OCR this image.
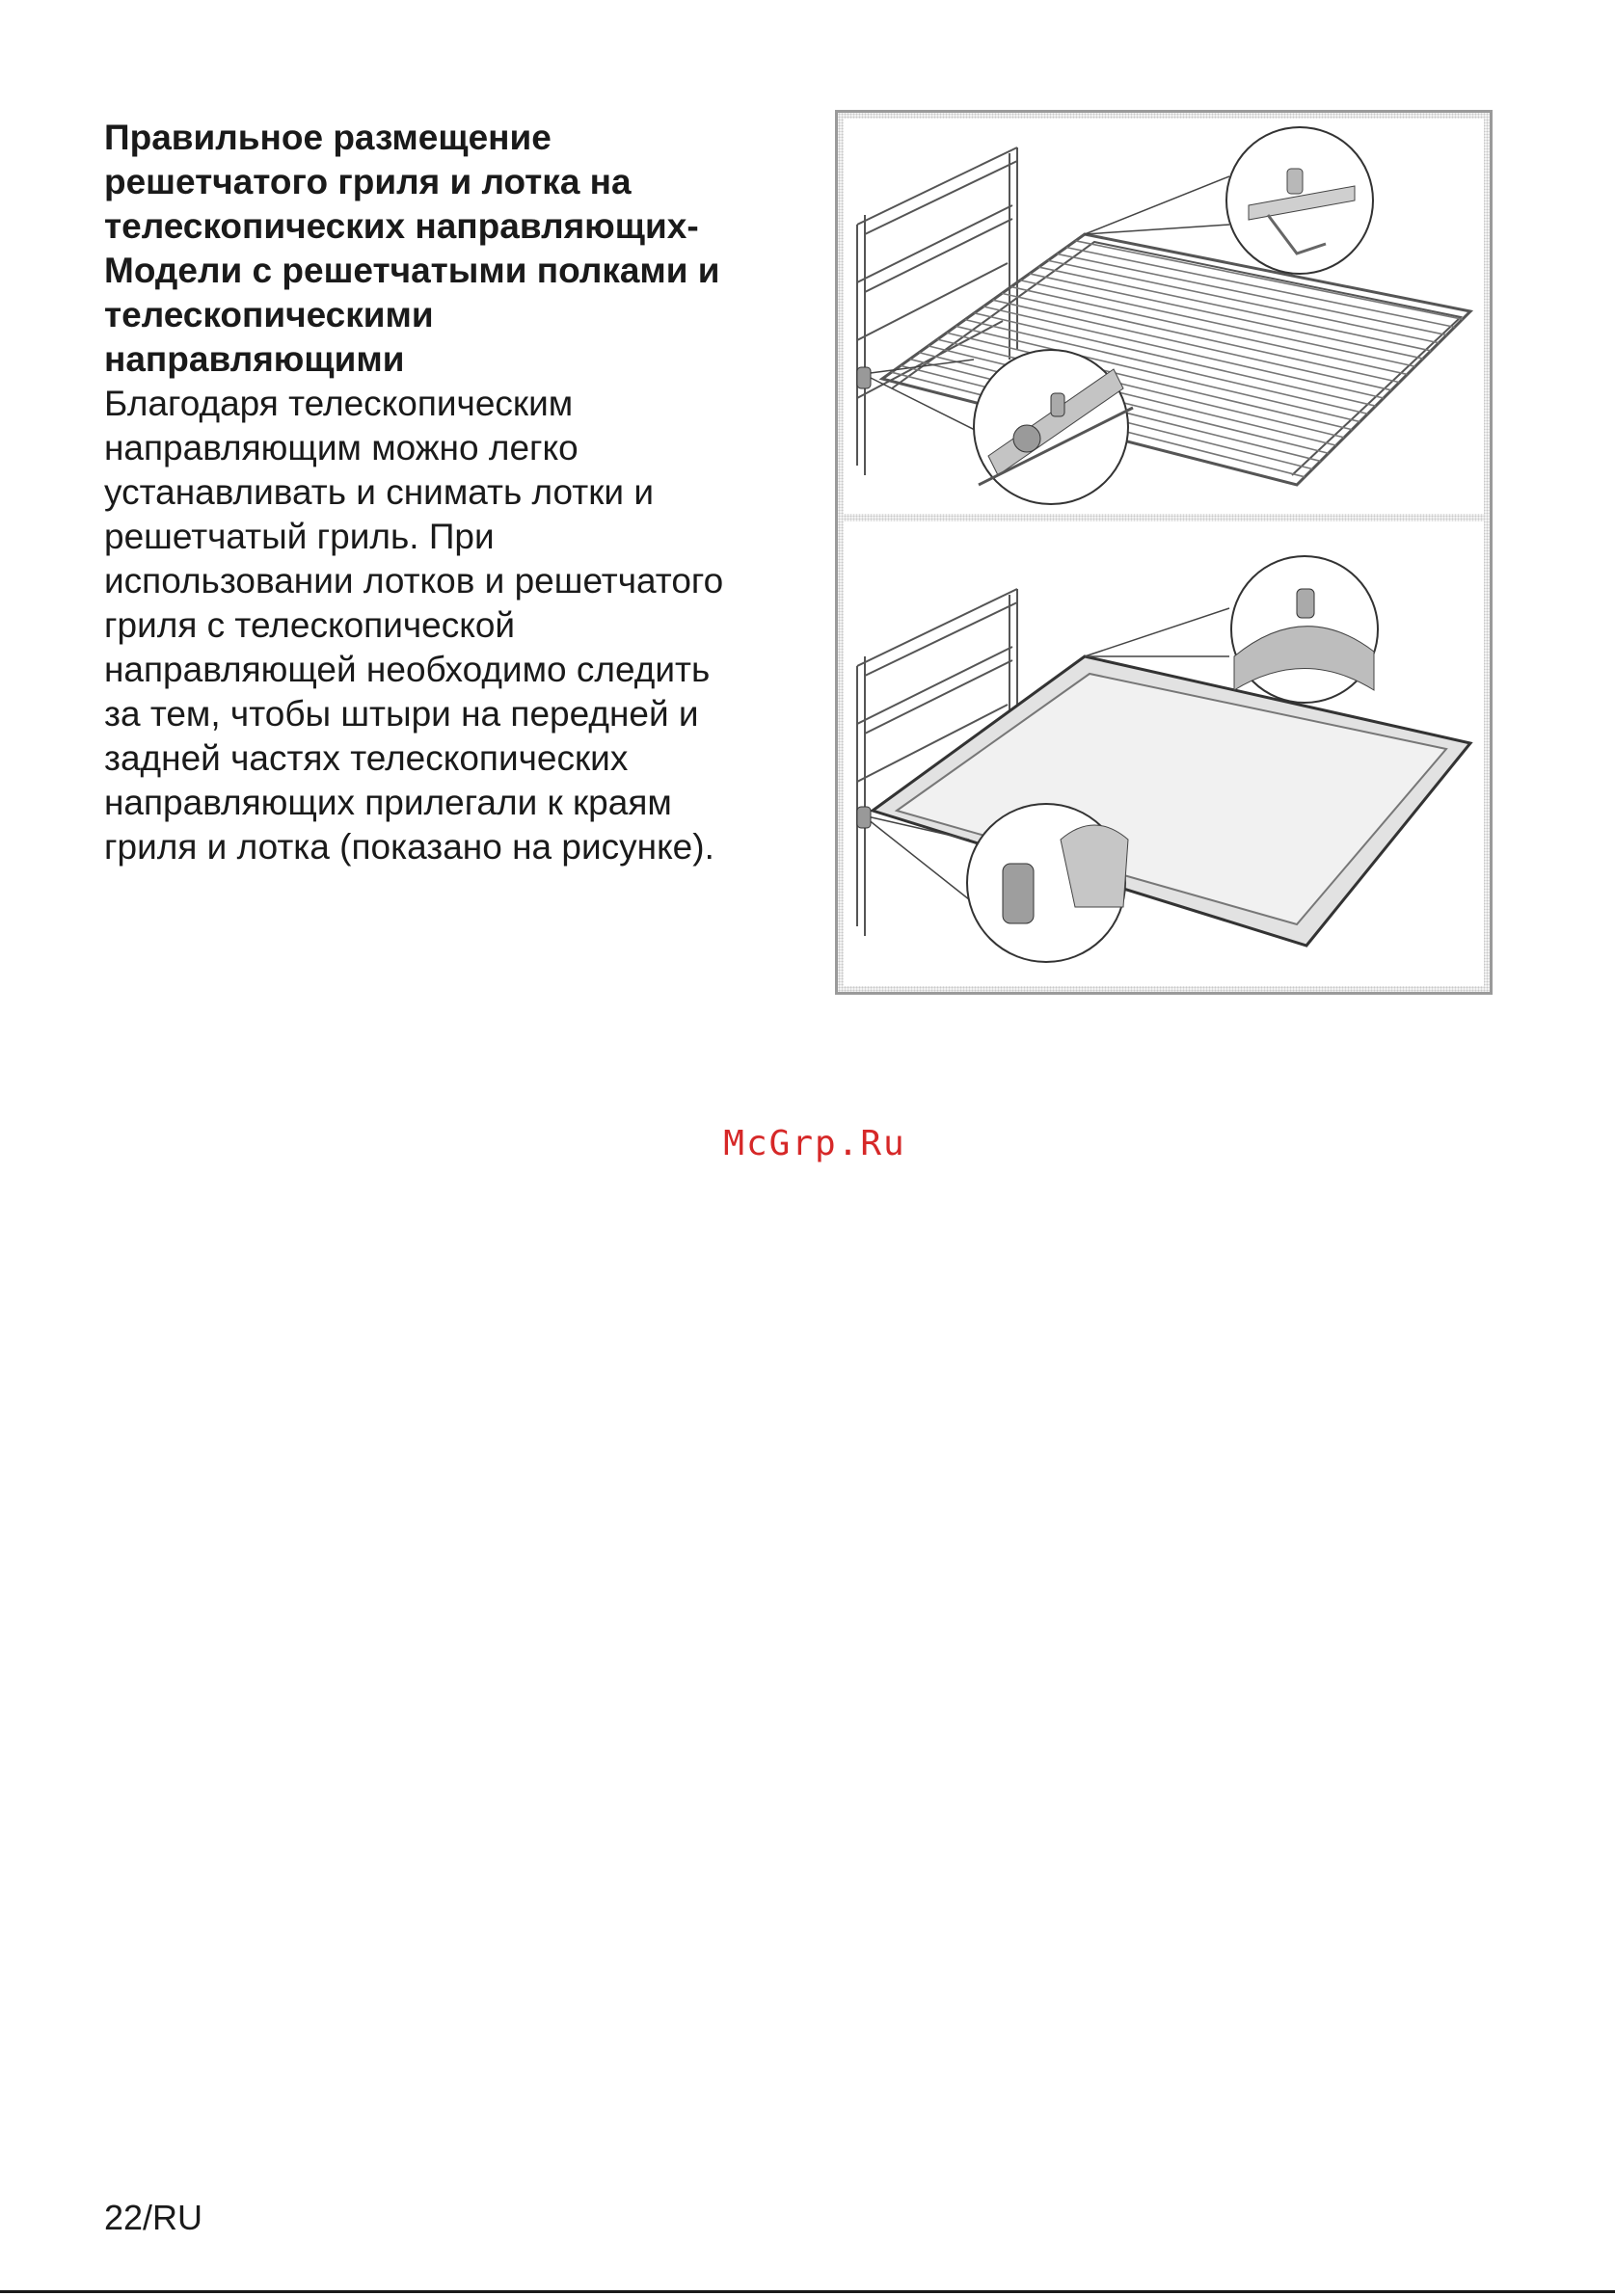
Правильное размещение
решетчатого гриля и лотка на
телескопических направляющих-
Модели с решетчатыми полками и
телескопическими
направляющими

Благодаря телескопическим
направляющим можно легко
устанавливать и снимать лотки и
решетчатый гриль. При
использовании лотков и решетчатого
гриля с телескопической
направляющей необходимо следить
за тем, чтобы штыри на передней и
задней частях телескопических
направляющих прилегали к краям
гриля и лотка (показано на рисунке).

McGrp.Ru
22/RU
